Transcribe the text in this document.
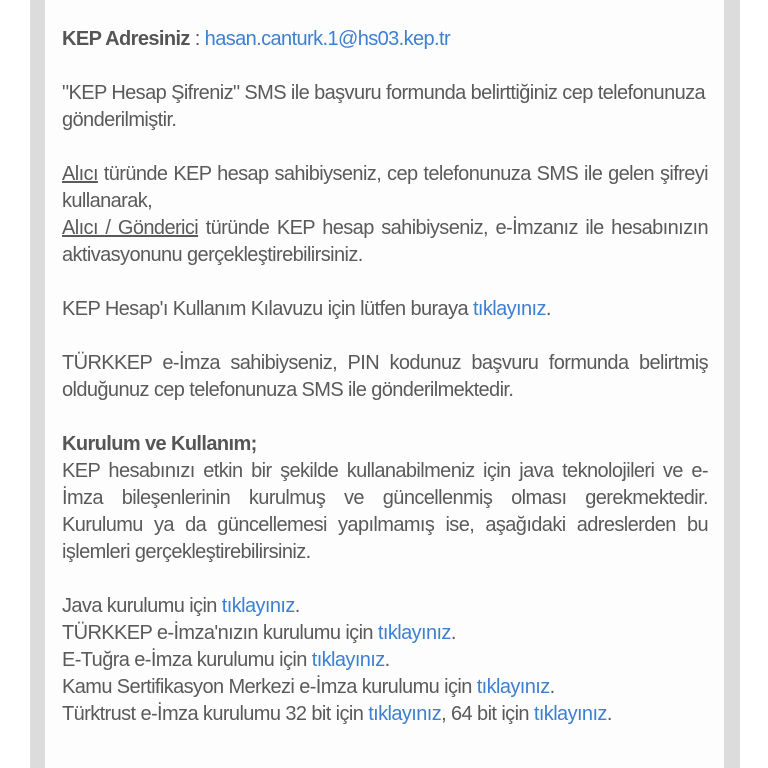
KEP Adresiniz : hasan.canturk.1@hs03.kep.tr

"KEP Hesap Şifreniz" SMS ile başvuru formunda belirttiğiniz cep telefonunuza gönderilmiştir.

Alıcı türünde KEP hesap sahibiyseniz, cep telefonunuza SMS ile gelen şifreyi kullanarak,

Alıcı / Gönderici türünde KEP hesap sahibiyseniz, e-İmzanız ile hesabınızın aktivasyonunu gerçekleştirebilirsiniz.

KEP Hesap'ı Kullanım Kılavuzu için lütfen buraya tıklayınız.

TÜRKKEP e-İmza sahibiyseniz, PIN kodunuz başvuru formunda belirtmiş olduğunuz cep telefonunuza SMS ile gönderilmektedir.

Kurulum ve Kullanım;

KEP hesabınızı etkin bir şekilde kullanabilmeniz için java teknolojileri ve e-İmza bileşenlerinin kurulmuş ve güncellenmiş olması gerekmektedir. Kurulumu ya da güncellemesi yapılmamış ise, aşağıdaki adreslerden bu işlemleri gerçekleştirebilirsiniz.

Java kurulumu için tıklayınız.

TÜRKKEP e-İmza'nızın kurulumu için tıklayınız.

E-Tuğra e-İmza kurulumu için tıklayınız.

Kamu Sertifikasyon Merkezi e-İmza kurulumu için tıklayınız.

Türktrust e-İmza kurulumu 32 bit için tıklayınız, 64 bit için tıklayınız.
